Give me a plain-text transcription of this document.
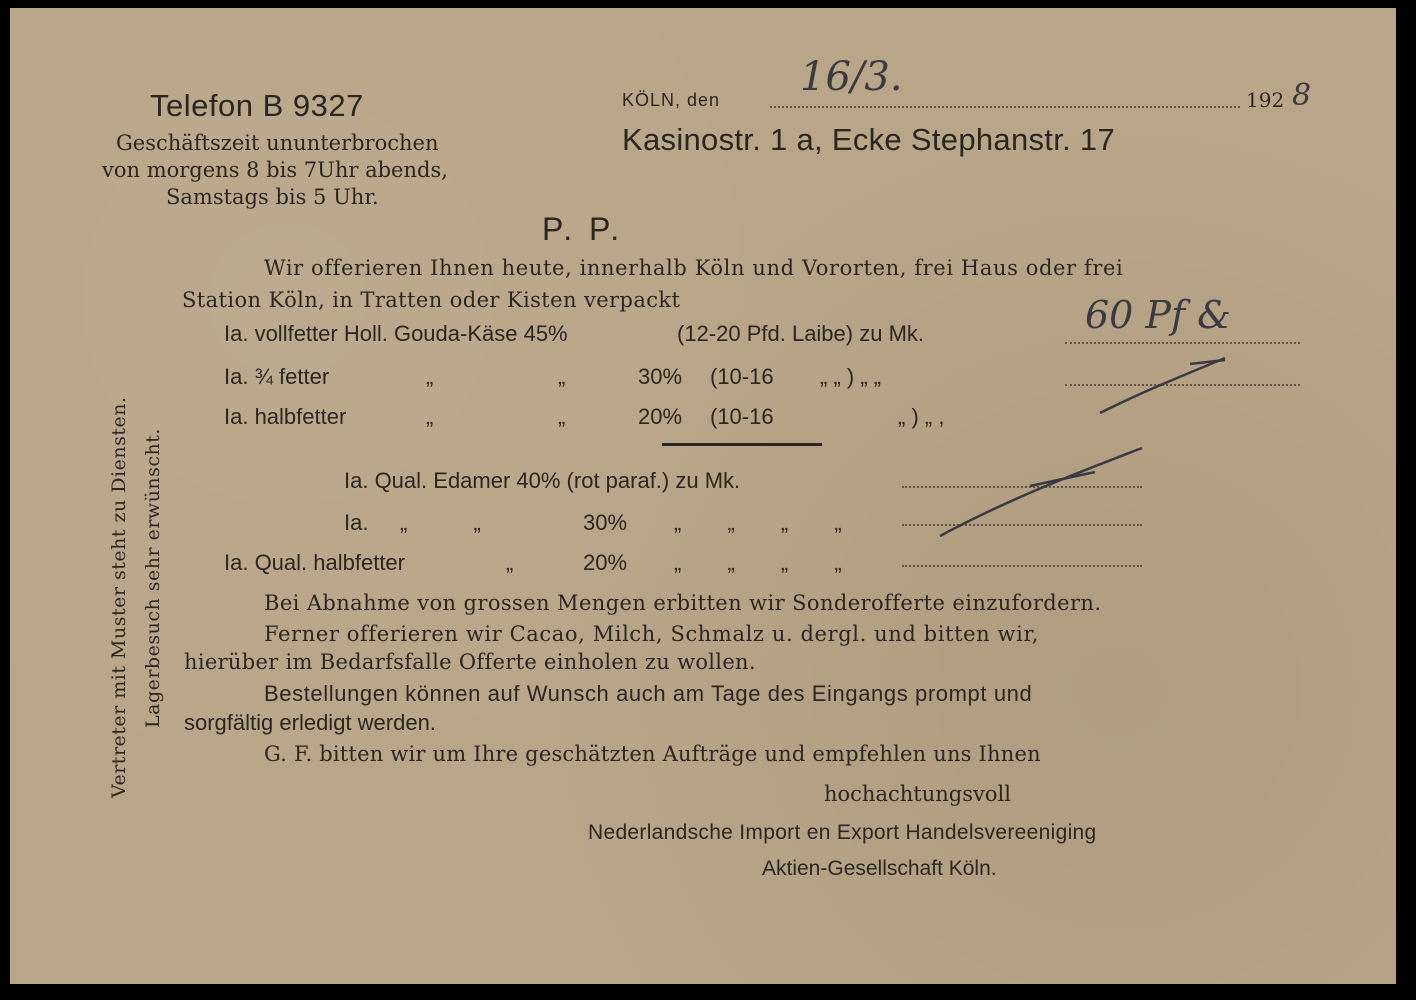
Telefon B 9327
Geschäftszeit ununterbrochen
von morgens 8 bis 7Uhr abends,
Samstags bis 5 Uhr.
KÖLN, den 16/3.	192 8
Kasinostr. 1 a, Ecke Stephanstr. 17
Vertreter mit Muster steht zu Diensten. Lagerbesuch sehr erwünscht.
P. P.
Wir offerieren Ihnen heute, innerhalb Köln und Vororten, frei Haus oder frei
Station Köln, in Tratten oder Kisten verpackt
Ia. vollfetter Holl. Gouda-Käse 45%	(12-20 Pfd. Laibe) zu Mk.	60 Pf &
Ia. ¾ fetter	„	„	30% (10-16 „ „ ) „ „
Ia. halbfetter	„	„	20% (10-16	„ ) „ ,
Ia. Qual. Edamer 40% (rot paraf.) zu Mk.
Ia. „ „	30% „ „ „ „
Ia. Qual. halbfetter	„	20% „ „ „ „
Bei Abnahme von grossen Mengen erbitten wir Sonderofferte einzufordern.
Ferner offerieren wir Cacao, Milch, Schmalz u. dergl. und bitten wir,
hierüber im Bedarfsfalle Offerte einholen zu wollen.
Bestellungen können auf Wunsch auch am Tage des Eingangs prompt und
sorgfältig erledigt werden.
G. F. bitten wir um Ihre geschätzten Aufträge und empfehlen uns Ihnen
hochachtungsvoll
Nederlandsche Import en Export Handelsvereeniging
Aktien-Gesellschaft Köln.
